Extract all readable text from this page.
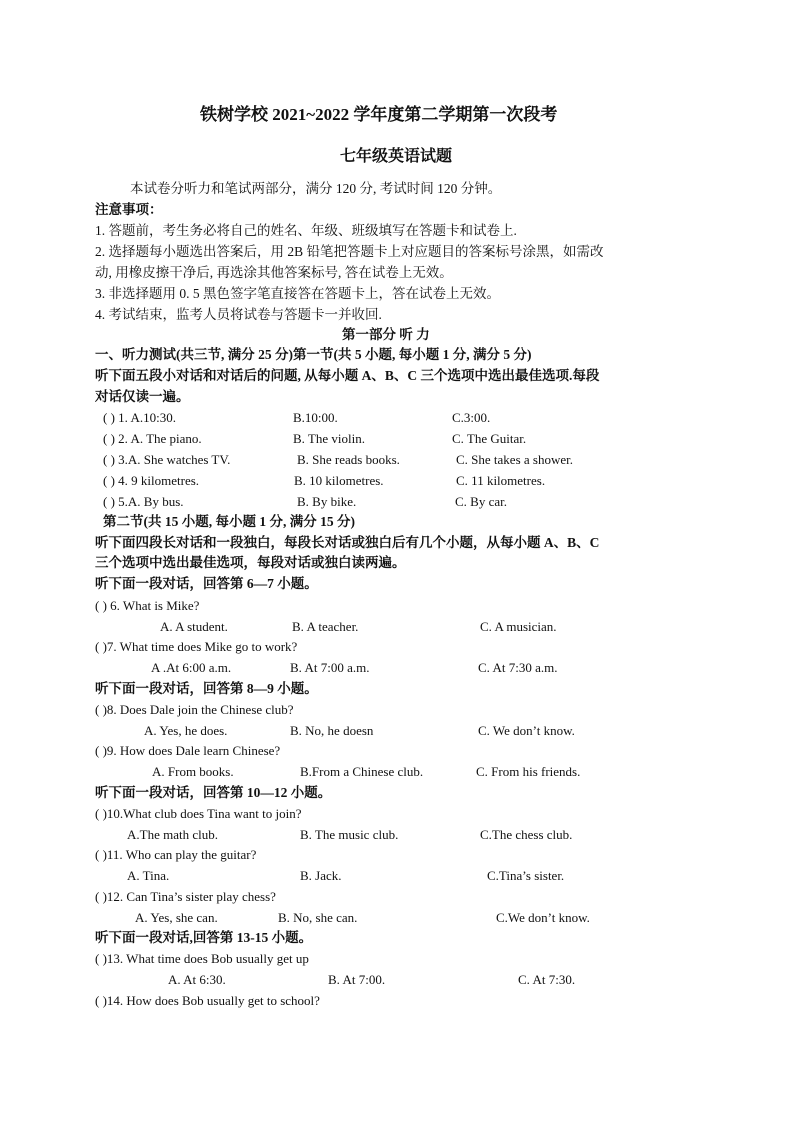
铁树学校 2021~2022 学年度第二学期第一次段考
七年级英语试题
本试卷分听力和笔试两部分，满分 120 分, 考试时间 120 分钟。
注意事项：
1. 答题前，考生务必将自己的姓名、年级、班级填写在答题卡和试卷上.
2. 选择题每小题选出答案后，用 2B 铅笔把答题卡上对应题目的答案标号涂黑，如需改
动, 用橡皮擦干净后, 再选涂其他答案标号, 答在试卷上无效。
3. 非选择题用 0. 5 黑色签字笔直接答在答题卡上，答在试卷上无效。
4. 考试结束，监考人员将试卷与答题卡一并收回.
第一部分 听 力
一、听力测试(共三节, 满分 25 分)第一节(共 5 小题, 每小题 1 分, 满分 5 分)
听下面五段小对话和对话后的问题, 从每小题 A、B、C 三个选项中选出最佳选项.每段
对话仅读一遍。
( ) 1. A.10:30.	B.10:00.	C.3:00.
( ) 2. A. The piano.	B. The violin.	C. The Guitar.
( ) 3.A. She watches TV.	B. She reads books.	C. She takes a shower.
( ) 4. 9 kilometres.	B. 10 kilometres.	C. 11 kilometres.
( ) 5.A. By bus.	B. By bike.	C. By car.
第二节(共 15 小题, 每小题 1 分, 满分 15 分)
听下面四段长对话和一段独白，每段长对话或独白后有几个小题，从每小题 A、B、C
三个选项中选出最佳选项，每段对话或独白读两遍。
听下面一段对话，回答第 6—7 小题。
( ) 6. What is Mike?
A. A student.	B. A teacher.	C. A musician.
( )7. What time does Mike go to work?
A .At 6:00 a.m.	B. At 7:00 a.m.	C. At 7:30 a.m.
听下面一段对话，回答第 8—9 小题。
( )8. Does Dale join the Chinese club?
A. Yes, he does.	B. No, he doesn	C. We don’t know.
( )9. How does Dale learn Chinese?
A. From books.	B.From a Chinese club.	C. From his friends.
听下面一段对话，回答第 10—12 小题。
( )10.What club does Tina want to join?
A.The math club.	B. The music club.	C.The chess club.
( )11. Who can play the guitar?
A. Tina.	B. Jack.	C.Tina’s sister.
( )12. Can Tina’s sister play chess?
A. Yes, she can.	B. No, she can.	C.We don’t know.
听下面一段对话,回答第 13-15 小题。
( )13. What time does Bob usually get up
A. At 6:30.	B. At 7:00.	C. At 7:30.
( )14. How does Bob usually get to school?
